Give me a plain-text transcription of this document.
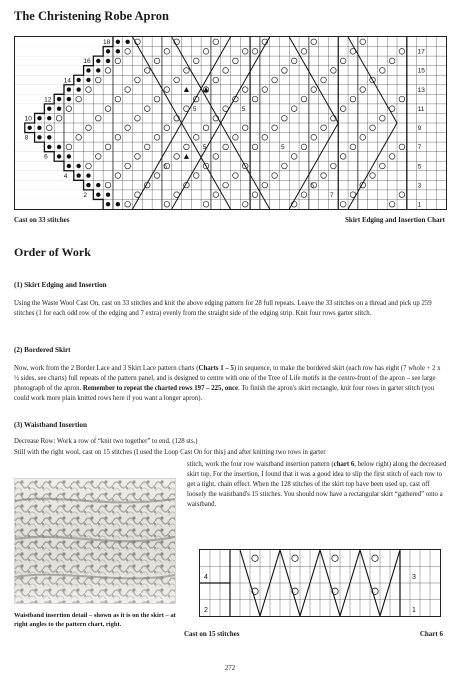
The Christening Robe Apron
17
15
13
11
9
7
5
3
1
18
16
14
12
10
8
6
4
2
5	5
5
5	5
5
7
Cast on 33 stitches	Skirt Edging and Insertion Chart
Order of Work
(1) Skirt Edging and Insertion

Using the Waste Wool Cast On, cast on 33 stitches and knit the above edging pattern for 28 full repeats. Leave the 33 stitches on a thread and pick up 259 stitches (1 for each odd row of the edging and 7 extra) evenly from the straight side of the edging strip. Knit four rows garter stitch.

(2) Bordered Skirt

Now, work from the 2 Border Lace and 3 Skirt Lace pattern charts (Charts 1 – 5) in sequence, to make the bordered skirt (each row has eight (7 whole + 2 x ½ sides, see charts) full repeats of the pattern panel, and is designed to centre with one of the Tree of Life motifs in the centre-front of the apron – see large photograph of the apron. Remember to repeat the charted rows 197 – 225, once. To finish the apron's skirt rectangle, knit four rows in garter stitch (you could work more plain knitted rows here if you want a longer apron).

(3) Waistband Insertion
Decrease Row: Work a row of “knit two together” to end. (128 sts.)
Still with the right wool, cast on 15 stitches (I used the Loop Cast On for this) and after knitting two rows in garter

stitch, work the four row waistband insertion pattern (chart 6, below right) along the decreased skirt top. For the insertion, I found that it was a good idea to slip the first stitch of each row to get a tight, chain effect. When the 128 stitches of the skirt top have been used up, cast off loosely the waistband's 15 stitches. You should now have a rectangular skirt “gathered” onto a waistband.

Waistband insertion detail – shown as it is on the skirt – at right angles to the pattern chart, right.

4
2
3
1
Cast on 15 stitches	Chart 6
272
